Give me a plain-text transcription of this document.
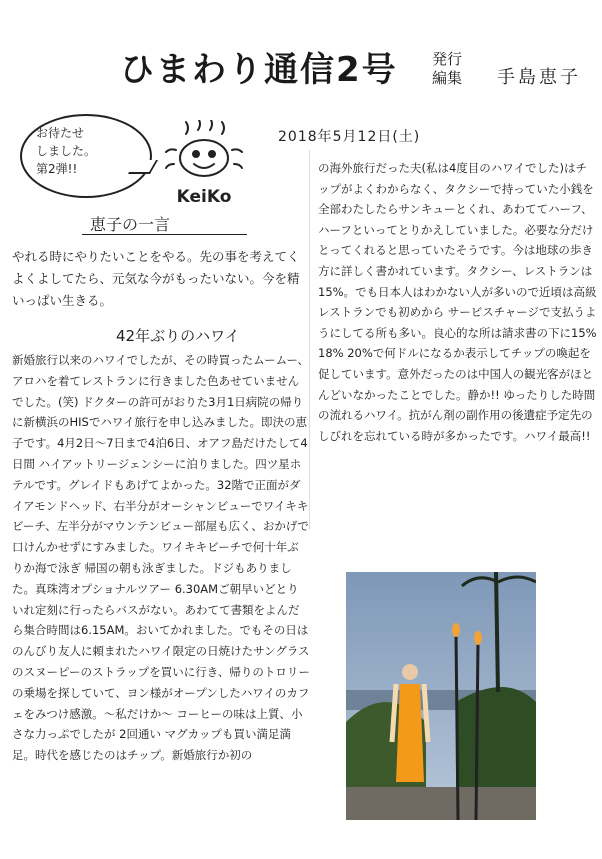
ひまわり通信2号 発行
編集	手島恵子
お待たせ
しました。
第2弾!!
KeiKo
2018年5月12日(土)
恵子の一言

やれる時にやりたいことをやる。先の事を考えてくよくよしてたら、元気な今がもったいない。今を精いっぱい生きる。

42年ぶりのハワイ

新婚旅行以来のハワイでしたが、その時買ったムームー、アロハを着てレストランに行きました色あせていませんでした。(笑) ドクターの許可がおりた3月1日病院の帰りに新横浜のHISでハワイ旅行を申し込みました。即決の恵子です。4月2日〜7日まで4泊6日、オアフ島だけたして4日間 ハイアットリージェンシーに泊りました。四ツ星ホテルです。グレイドもあげてよかった。32階で正面がダイアモンドヘッド、右半分がオーシャンビューでワイキキビーチ、左半分がマウンテンビュー部屋も広く、おかげで口けんかせずにすみました。ワイキキビーチで何十年ぶりか海で泳ぎ 帰国の朝も泳ぎました。ドジもありました。真珠湾オプショナルツアー 6.30AMご朝早いどとりいれ定刻に行ったらバスがない。あわてて書類をよんだら集合時間は6.15AM。おいてかれました。でもその日はのんびり友人に頼まれたハワイ限定の日焼けたサングラスのスヌーピーのストラップを買いに行き、帰りのトロリーの乗場を探していて、ヨン様がオープンしたハワイのカフェをみつけ感激。〜私だけか〜 コーヒーの味は上質、小さな力っぷでしたが 2回通い マグカップも買い満足満足。時代を感じたのはチップ。新婚旅行か初の

の海外旅行だった夫(私は4度目のハワイでした)はチップがよくわからなく、タクシーで持っていた小銭を全部わたしたらサンキューとくれ、あわててハーフ、ハーフといってとりかえしていました。必要な分だけとってくれると思っていたそうです。今は地球の歩き方に詳しく書かれています。タクシー、レストランは15%。でも日本人はわかない人が多いので近頃は高級レストランでも初めから サービスチャージで支払うようにしてる所も多い。良心的な所は請求書の下に15% 18% 20%で何ドルになるか表示してチップの喚起を促しています。意外だったのは中国人の観光客がほとんどいなかったことでした。静か!! ゆったりした時間の流れるハワイ。抗がん剤の副作用の後遺症予定先のしびれを忘れている時が多かったです。ハワイ最高!!
